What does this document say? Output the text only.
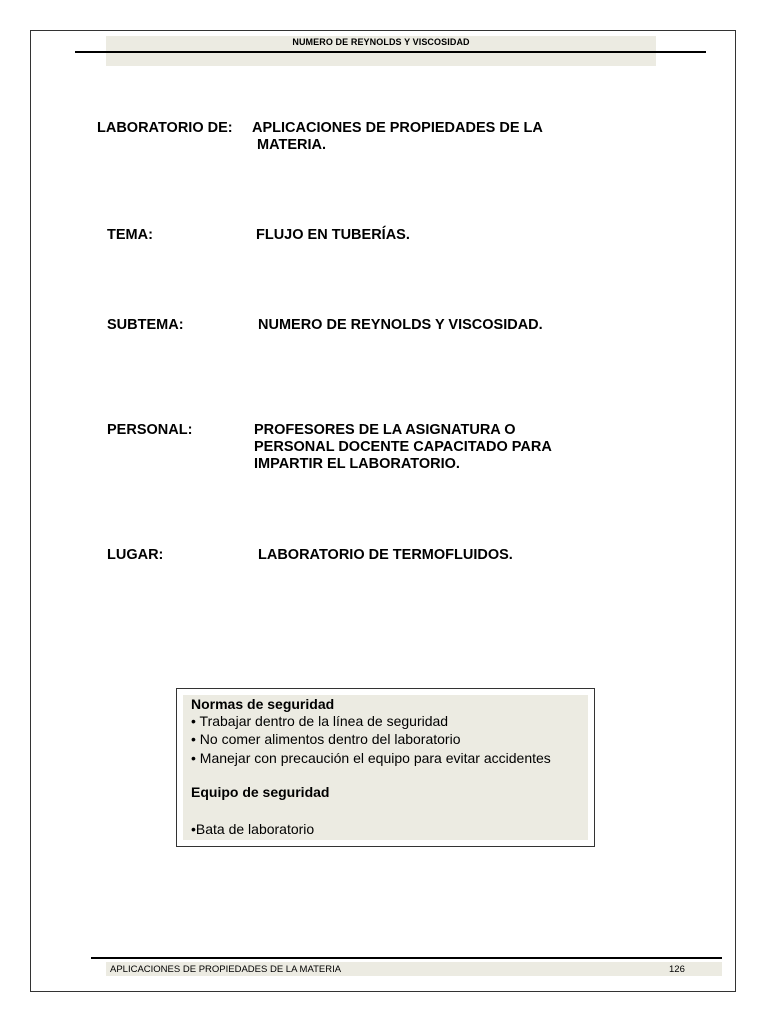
NUMERO DE REYNOLDS Y VISCOSIDAD
LABORATORIO DE: APLICACIONES DE PROPIEDADES DE LA
MATERIA.
TEMA:	FLUJO EN TUBERÍAS.
SUBTEMA:	NUMERO DE REYNOLDS Y VISCOSIDAD.
PERSONAL:	PROFESORES DE LA ASIGNATURA O
PERSONAL DOCENTE CAPACITADO PARA
IMPARTIR EL LABORATORIO.
LUGAR:	LABORATORIO DE TERMOFLUIDOS.
Normas de seguridad
• Trabajar dentro de la línea de seguridad
• No comer alimentos dentro del laboratorio
• Manejar con precaución el equipo para evitar accidentes
Equipo de seguridad
•Bata de laboratorio
APLICACIONES DE PROPIEDADES DE LA MATERIA	126
